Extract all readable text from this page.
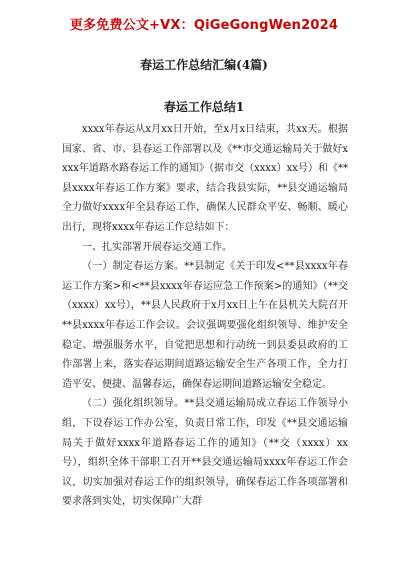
更多免费公文+VX：QiGeGongWen2024
春运工作总结汇编(4篇)
春运工作总结1

xxxx年春运从x月xx日开始，至x月x日结束，共xx天。根据国家、省、市、县春运工作部署以及《**市交通运输局关于做好xxxx年道路水路春运工作的通知》（据市交（xxxx）xx号）和《**县xxxx年春运工作方案》要求，结合我县实际，**县交通运输局全力做好xxxx年全县春运工作，确保人民群众平安、畅顺、暖心出行，现将xxxx年春运工作总结如下：

一、扎实部署开展春运交通工作。

（一）制定春运方案。**县制定《关于印发<**县xxxx年春运工作方案>和<**县xxxx年春运应急工作预案>的通知》（**交（xxxx）xx号），**县人民政府于x月xx日上午在县机关大院召开**县xxxx年春运工作会议。会议强调要强化组织领导、维护安全稳定、增强服务水平，自觉把思想和行动统一到县委县政府的工作部署上来，落实春运期间道路运输安全生产各项工作，全力打造平安、便捷、温馨春运，确保春运期间道路运输安全稳定。

（二）强化组织领导。**县交通运输局成立春运工作领导小组，下设春运工作办公室，负责日常工作，印发《**县交通运输局关于做好xxxx年道路春运工作的通知》（**交（xxxx）xx号），组织全体干部职工召开**县交通运输局xxxx年春运工作会议，切实加强对春运工作的组织领导，确保春运工作各项部署和要求落到实处，切实保障广大群
